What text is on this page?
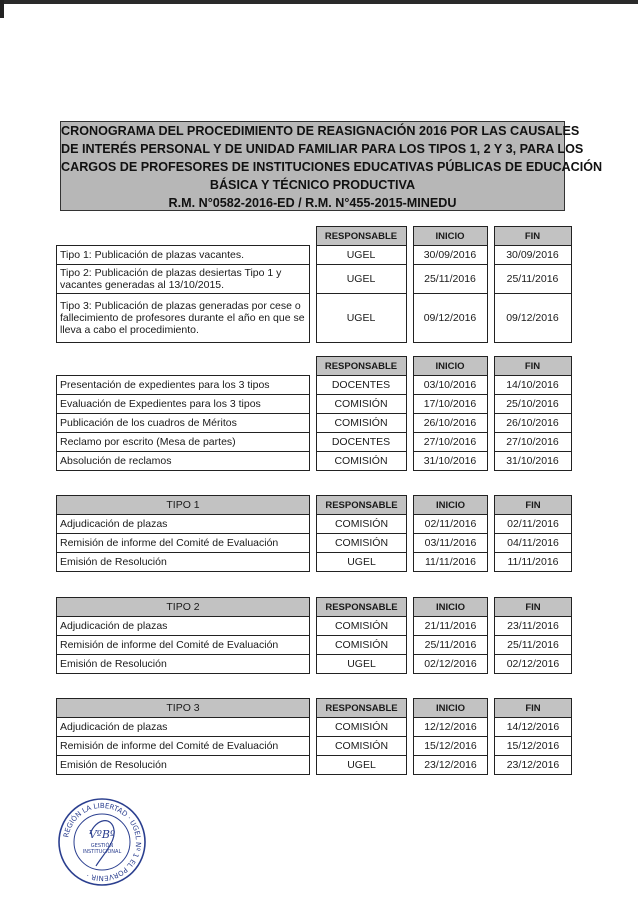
CRONOGRAMA DEL PROCEDIMIENTO DE REASIGNACIÓN 2016 POR LAS CAUSALES
DE INTERÉS PERSONAL Y DE UNIDAD FAMILIAR PARA LOS TIPOS 1, 2 Y 3, PARA LOS
CARGOS DE PROFESORES DE INSTITUCIONES EDUCATIVAS PÚBLICAS DE EDUCACIÓN
BÁSICA Y TÉCNICO PRODUCTIVA
R.M. N°0582-2016-ED / R.M. N°455-2015-MINEDU
		RESPONSABLE		INICIO		FIN
Tipo 1: Publicación de plazas vacantes.		UGEL		30/09/2016		30/09/2016
Tipo 2: Publicación de plazas desiertas Tipo 1 y vacantes generadas al 13/10/2015.		UGEL		25/11/2016		25/11/2016
Tipo 3: Publicación de plazas generadas por cese o fallecimiento de profesores durante el año en que se lleva a cabo el procedimiento.		UGEL		09/12/2016		09/12/2016
		RESPONSABLE		INICIO		FIN
Presentación de expedientes para los 3 tipos		DOCENTES		03/10/2016		14/10/2016
Evaluación de Expedientes para los 3 tipos		COMISIÓN		17/10/2016		25/10/2016
Publicación de los cuadros de Méritos		COMISIÓN		26/10/2016		26/10/2016
Reclamo por escrito (Mesa de partes)		DOCENTES		27/10/2016		27/10/2016
Absolución de reclamos		COMISIÓN		31/10/2016		31/10/2016
TIPO 1		RESPONSABLE		INICIO		FIN
Adjudicación de plazas		COMISIÓN		02/11/2016		02/11/2016
Remisión de informe del Comité de Evaluación		COMISIÓN		03/11/2016		04/11/2016
Emisión de Resolución		UGEL		11/11/2016		11/11/2016
TIPO 2		RESPONSABLE		INICIO		FIN
Adjudicación de plazas		COMISIÓN		21/11/2016		23/11/2016
Remisión de informe del Comité de Evaluación		COMISIÓN		25/11/2016		25/11/2016
Emisión de Resolución		UGEL		02/12/2016		02/12/2016
TIPO 3		RESPONSABLE		INICIO		FIN
Adjudicación de plazas		COMISIÓN		12/12/2016		14/12/2016
Remisión de informe del Comité de Evaluación		COMISIÓN		15/12/2016		15/12/2016
Emisión de Resolución		UGEL		23/12/2016		23/12/2016
REGIÓN LA LIBERTAD · UGEL Nº 1 EL PORVENIR ·
VºBº
GESTIÓN
INSTITUCIONAL
